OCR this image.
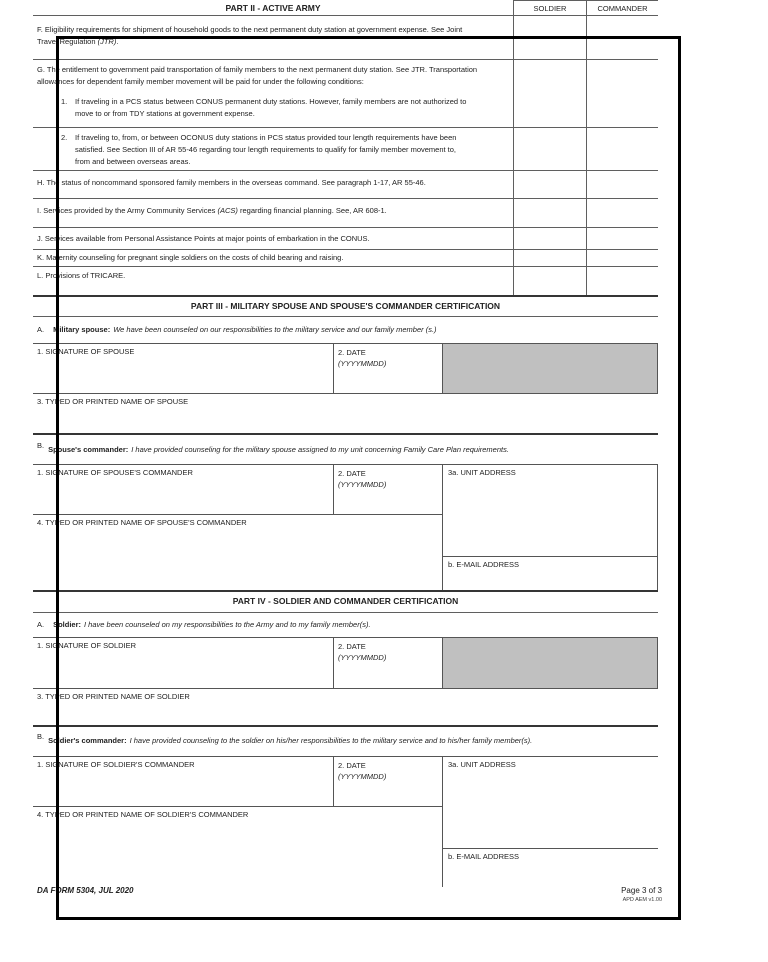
PART II - ACTIVE ARMY	SOLDIER	COMMANDER
F. Eligibility requirements for shipment of household goods to the next permanent duty station at government expense. See Joint Travel Regulation (JTR).
G. The entitlement to government paid transportation of family members to the next permanent duty station. See JTR. Transportation allowances for dependent family member movement will be paid for under the following conditions:
1.	If traveling in a PCS status between CONUS permanent duty stations. However, family members are not authorized to move to or from TDY stations at government expense.
2.	If traveling to, from, or between OCONUS duty stations in PCS status provided tour length requirements have been satisfied. See Section III of AR 55-46 regarding tour length requirements to qualify for family member movement to, from and between overseas areas.
H. The status of noncommand sponsored family members in the overseas command. See paragraph 1-17, AR 55-46.
I. Services provided by the Army Community Services (ACS) regarding financial planning. See, AR 608-1.
J. Services available from Personal Assistance Points at major points of embarkation in the CONUS.
K. Maternity counseling for pregnant single soldiers on the costs of child bearing and raising.
L. Provisions of TRICARE.
PART III - MILITARY SPOUSE AND SPOUSE'S COMMANDER CERTIFICATION
A. Military spouse: We have been counseled on our responsibilities to the military service and our family member (s.)
1. SIGNATURE OF SPOUSE	2. DATE
(YYYYMMDD)
3. TYPED OR PRINTED NAME OF SPOUSE
B. Spouse's commander: I have provided counseling for the military spouse assigned to my unit concerning Family Care Plan requirements.
1. SIGNATURE OF SPOUSE'S COMMANDER	2. DATE
(YYYYMMDD)
4. TYPED OR PRINTED NAME OF SPOUSE'S COMMANDER
3a. UNIT ADDRESS
b. E-MAIL ADDRESS
PART IV - SOLDIER AND COMMANDER CERTIFICATION
A. Soldier: I have been counseled on my responsibilities to the Army and to my family member(s).
1. SIGNATURE OF SOLDIER	2. DATE
(YYYYMMDD)
3. TYPED OR PRINTED NAME OF SOLDIER
B. Soldier's commander: I have provided counseling to the soldier on his/her responsibilities to the military service and to his/her family member(s).
1. SIGNATURE OF SOLDIER'S COMMANDER	2. DATE
(YYYYMMDD)
4. TYPED OR PRINTED NAME OF SOLDIER'S COMMANDER
3a. UNIT ADDRESS
b. E-MAIL ADDRESS
DA FORM 5304, JUL 2020	Page 3 of 3
APD AEM v1.00
